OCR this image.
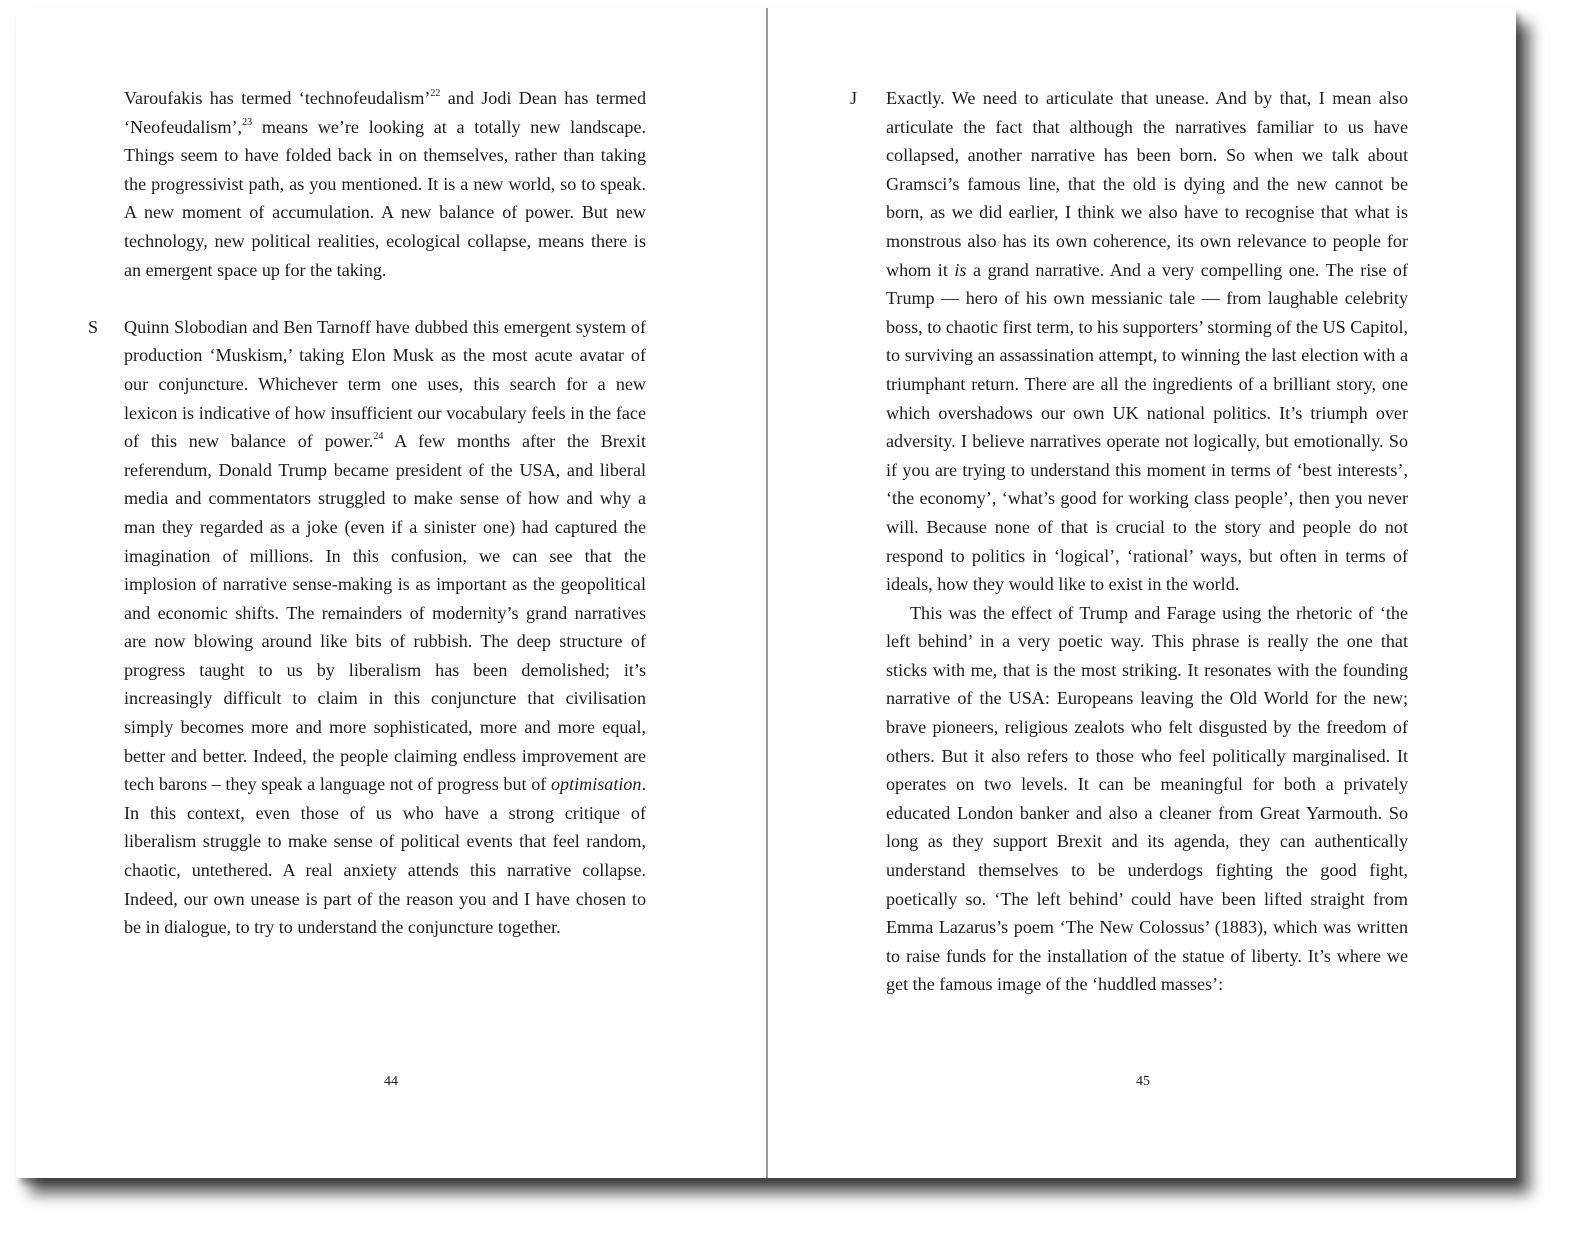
Varoufakis has termed ‘technofeudalism’$^{22}$ and Jodi Dean has termed ‘Neofeudalism’,$^{23}$ means we’re looking at a totally new landscape. Things seem to have folded back in on themselves, rather than taking the progressivist path, as you mentioned. It is a new world, so to speak. A new moment of accumulation. A new balance of power. But new technology, new political realities, ecological collapse, means there is an emergent space up for the taking.

S Quinn Slobodian and Ben Tarnoff have dubbed this emergent system of production ‘Muskism,’ taking Elon Musk as the most acute avatar of our conjuncture. Whichever term one uses, this search for a new lexicon is indicative of how insufficient our vocabulary feels in the face of this new balance of power.$^{24}$ A few months after the Brexit referendum, Donald Trump became president of the USA, and liberal media and commentators struggled to make sense of how and why a man they regarded as a joke (even if a sinister one) had captured the imagination of millions. In this confusion, we can see that the implosion of narrative sense-making is as important as the geopolitical and economic shifts. The remainders of modernity’s grand narratives are now blowing around like bits of rubbish. The deep structure of progress taught to us by liberalism has been demolished; it’s increasingly difficult to claim in this conjuncture that civilisation simply becomes more and more sophisticated, more and more equal, better and better. Indeed, the people claiming endless improvement are tech barons – they speak a language not of progress but of optimisation. In this context, even those of us who have a strong critique of liberalism struggle to make sense of political events that feel random, chaotic, untethered. A real anxiety attends this narrative collapse. Indeed, our own unease is part of the reason you and I have chosen to be in dialogue, to try to understand the conjuncture together.

44

J Exactly. We need to articulate that unease. And by that, I mean also articulate the fact that although the narratives familiar to us have collapsed, another narrative has been born. So when we talk about Gramsci’s famous line, that the old is dying and the new cannot be born, as we did earlier, I think we also have to recognise that what is monstrous also has its own coherence, its own relevance to people for whom it is a grand narrative. And a very compelling one. The rise of Trump — hero of his own messianic tale — from laughable celebrity boss, to chaotic first term, to his supporters’ storming of the US Capitol, to surviving an assassination attempt, to winning the last election with a triumphant return. There are all the ingredients of a brilliant story, one which overshadows our own UK national politics. It’s triumph over adversity. I believe narratives operate not logically, but emotionally. So if you are trying to understand this moment in terms of ‘best interests’, ‘the economy’, ‘what’s good for working class people’, then you never will. Because none of that is crucial to the story and people do not respond to politics in ‘logical’, ‘rational’ ways, but often in terms of ideals, how they would like to exist in the world.

This was the effect of Trump and Farage using the rhetoric of ‘the left behind’ in a very poetic way. This phrase is really the one that sticks with me, that is the most striking. It resonates with the founding narrative of the USA: Europeans leaving the Old World for the new; brave pioneers, religious zealots who felt disgusted by the freedom of others. But it also refers to those who feel politically marginalised. It operates on two levels. It can be meaningful for both a privately educated London banker and also a cleaner from Great Yarmouth. So long as they support Brexit and its agenda, they can authentically understand themselves to be underdogs fighting the good fight, poetically so. ‘The left behind’ could have been lifted straight from Emma Lazarus’s poem ‘The New Colossus’ (1883), which was written to raise funds for the installation of the statue of liberty. It’s where we get the famous image of the ‘huddled masses’:

45
